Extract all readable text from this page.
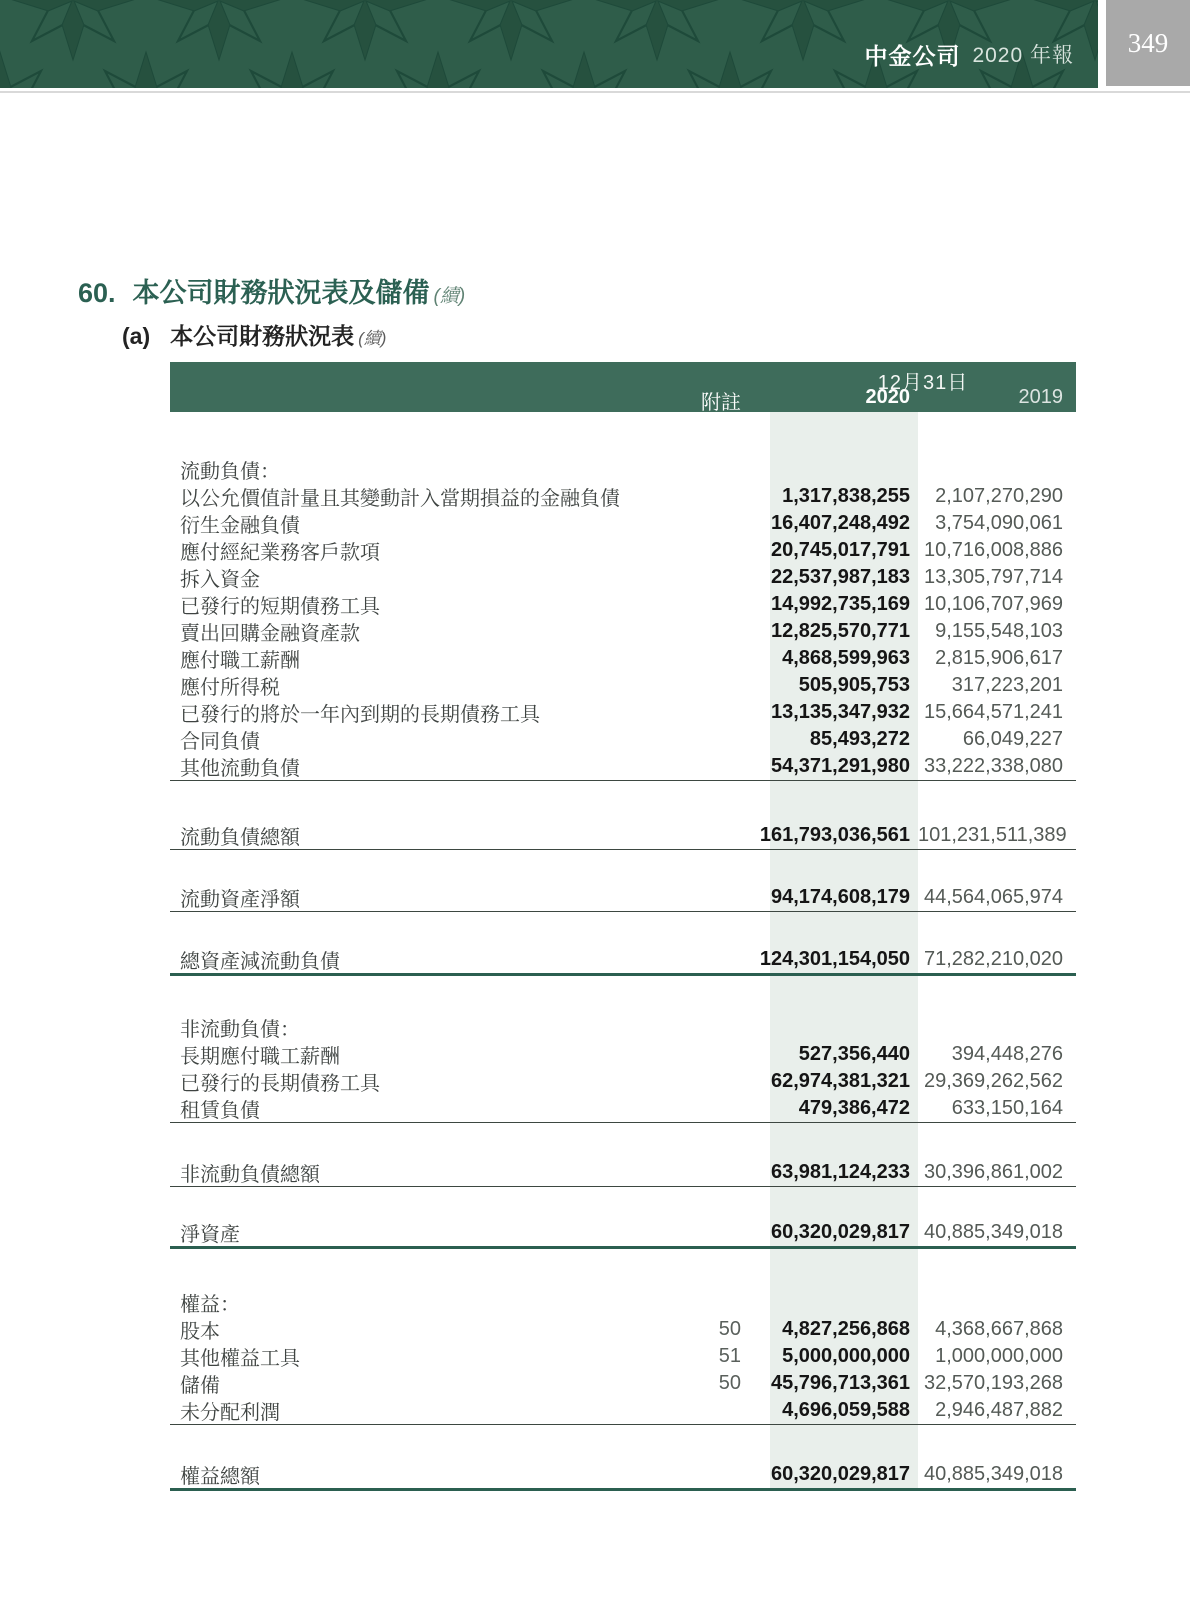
中金公司 2020 年報 349
60. 本公司財務狀況表及儲備 (續)
(a) 本公司財務狀況表 (續)
12月31日
附註	2020	2019
流動負債：
以公允價值計量且其變動計入當期損益的金融負債	1,317,838,255	2,107,270,290
衍生金融負債	16,407,248,492	3,754,090,061
應付經紀業務客戶款項	20,745,017,791 10,716,008,886
拆入資金	22,537,987,183 13,305,797,714
已發行的短期債務工具	14,992,735,169 10,106,707,969
賣出回購金融資產款	12,825,570,771	9,155,548,103
應付職工薪酬	4,868,599,963	2,815,906,617
應付所得税	505,905,753	317,223,201
已發行的將於一年內到期的長期債務工具	13,135,347,932 15,664,571,241
合同負債	85,493,272	66,049,227
其他流動負債	54,371,291,980 33,222,338,080
流動負債總額	161,793,036,561 101,231,511,389
流動資產淨額	94,174,608,179 44,564,065,974
總資產減流動負債	124,301,154,050 71,282,210,020
非流動負債：
長期應付職工薪酬	527,356,440	394,448,276
已發行的長期債務工具	62,974,381,321 29,369,262,562
租賃負債	479,386,472	633,150,164
非流動負債總額	63,981,124,233 30,396,861,002
淨資產	60,320,029,817 40,885,349,018
權益：
股本	50	4,827,256,868	4,368,667,868
其他權益工具	51	5,000,000,000	1,000,000,000
儲備	50	45,796,713,361 32,570,193,268
未分配利潤	4,696,059,588	2,946,487,882
權益總額	60,320,029,817 40,885,349,018
